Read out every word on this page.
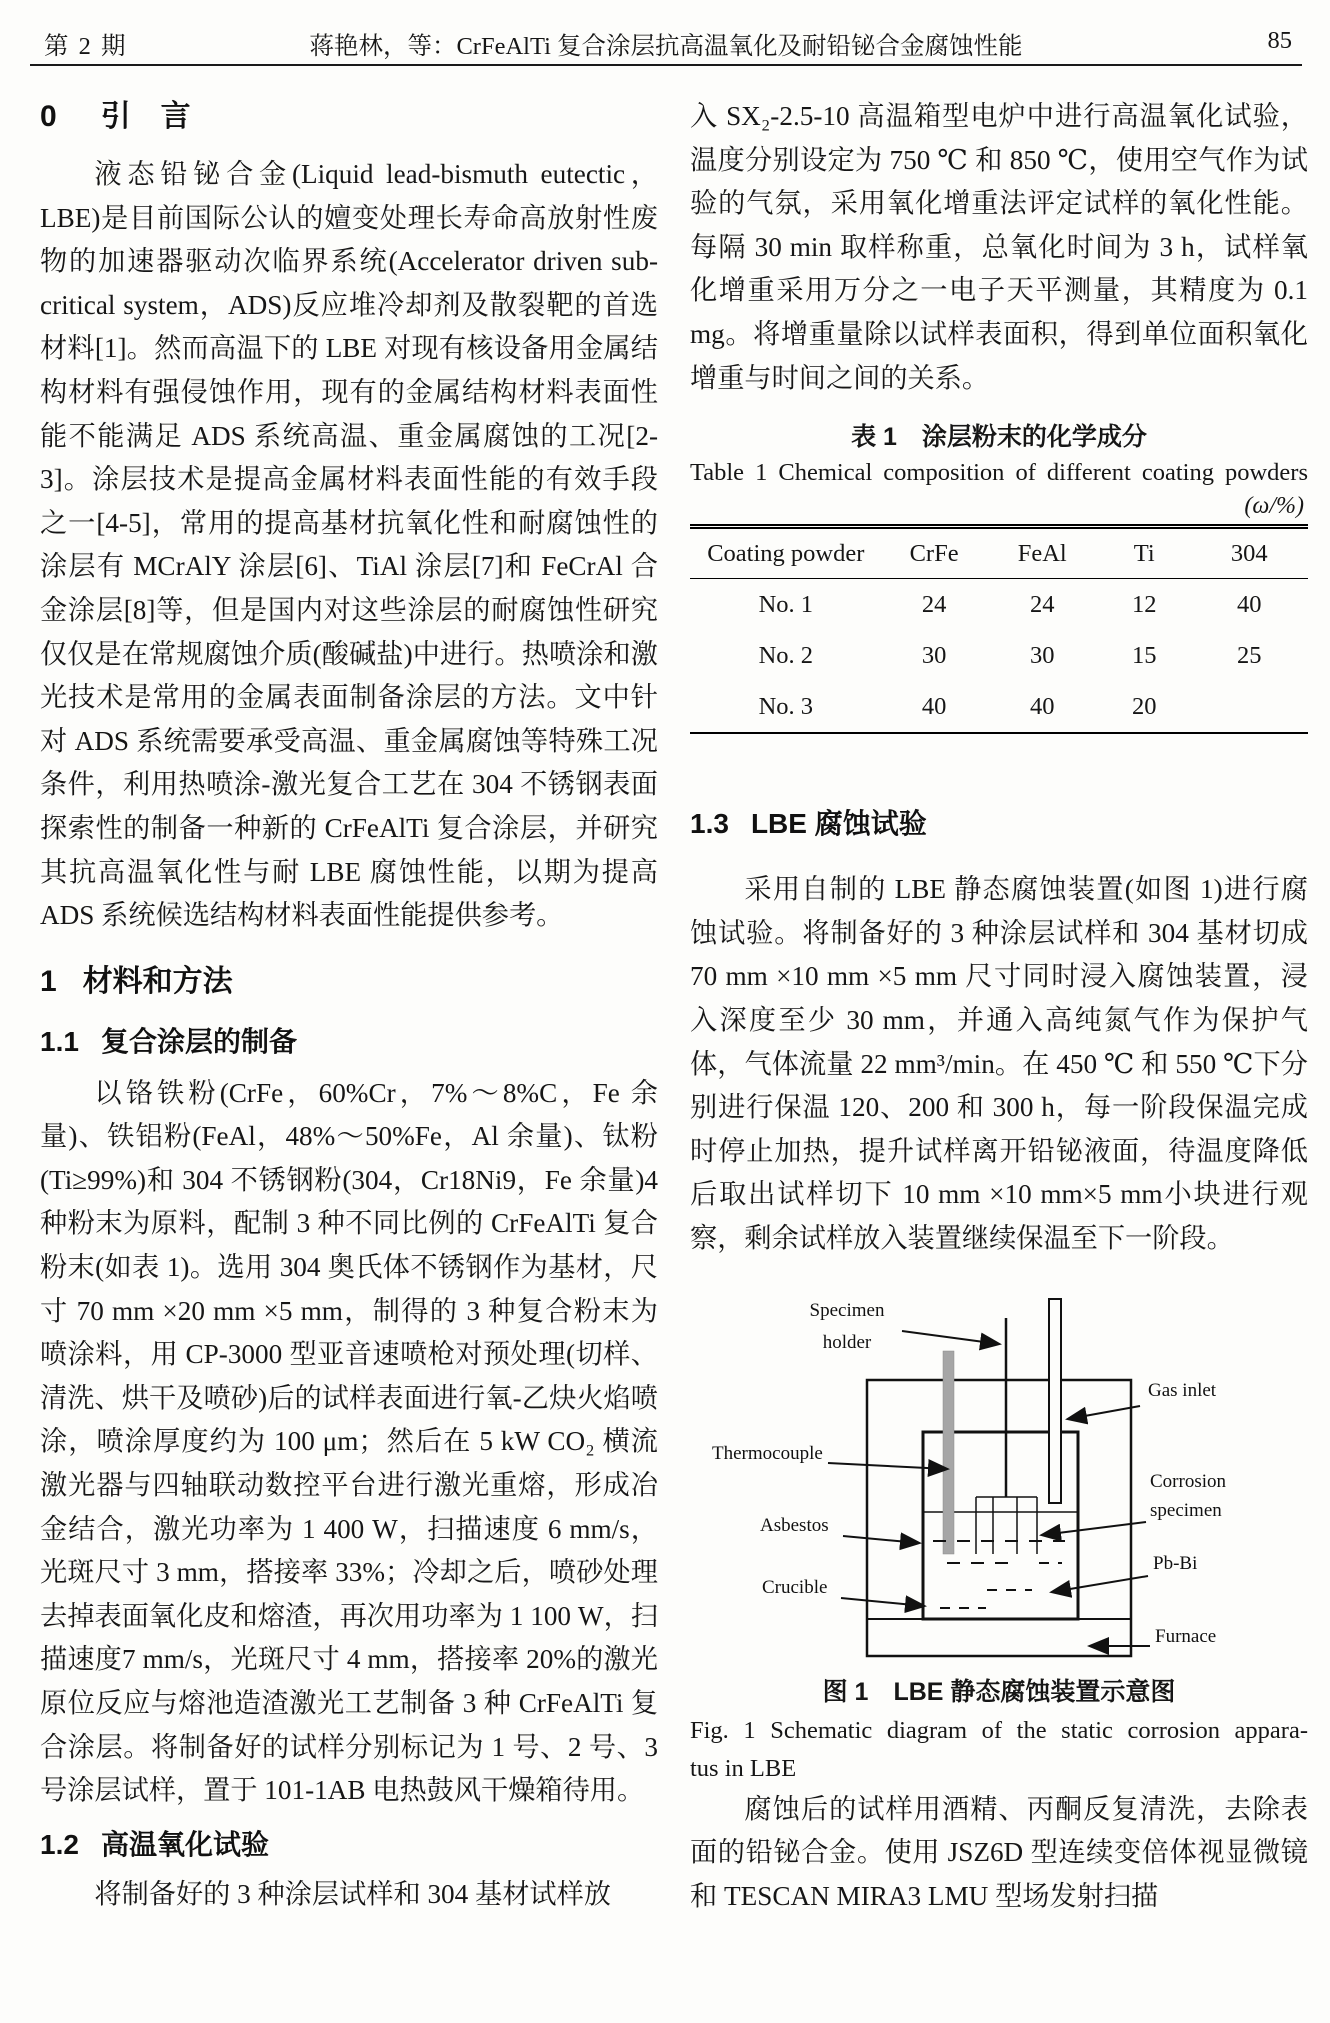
第 2 期	蒋艳林，等：CrFeAlTi 复合涂层抗高温氧化及耐铅铋合金腐蚀性能	85
0 引　言

液态铅铋合金(Liquid lead-bismuth eutectic，LBE)是目前国际公认的嬗变处理长寿命高放射性废物的加速器驱动次临界系统(Accelerator driven sub-critical system，ADS)反应堆冷却剂及散裂靶的首选材料[1]。然而高温下的 LBE 对现有核设备用金属结构材料有强侵蚀作用，现有的金属结构材料表面性能不能满足 ADS 系统高温、重金属腐蚀的工况[2-3]。涂层技术是提高金属材料表面性能的有效手段之一[4-5]，常用的提高基材抗氧化性和耐腐蚀性的涂层有 MCrAlY 涂层[6]、TiAl 涂层[7]和 FeCrAl 合金涂层[8]等，但是国内对这些涂层的耐腐蚀性研究仅仅是在常规腐蚀介质(酸碱盐)中进行。热喷涂和激光技术是常用的金属表面制备涂层的方法。文中针对 ADS 系统需要承受高温、重金属腐蚀等特殊工况条件，利用热喷涂-激光复合工艺在 304 不锈钢表面探索性的制备一种新的 CrFeAlTi 复合涂层，并研究其抗高温氧化性与耐 LBE 腐蚀性能，以期为提高 ADS 系统候选结构材料表面性能提供参考。

1 材料和方法
1.1 复合涂层的制备

以铬铁粉(CrFe，60%Cr，7%～8%C，Fe 余量)、铁铝粉(FeAl，48%～50%Fe，Al 余量)、钛粉(Ti≥99%)和 304 不锈钢粉(304，Cr18Ni9，Fe 余量)4 种粉末为原料，配制 3 种不同比例的 CrFeAlTi 复合粉末(如表 1)。选用 304 奥氏体不锈钢作为基材，尺寸 70 mm ×20 mm ×5 mm，制得的 3 种复合粉末为喷涂料，用 CP-3000 型亚音速喷枪对预处理(切样、清洗、烘干及喷砂)后的试样表面进行氧-乙炔火焰喷涂，喷涂厚度约为 100 μm；然后在 5 kW CO₂ 横流激光器与四轴联动数控平台进行激光重熔，形成冶金结合，激光功率为 1 400 W，扫描速度 6 mm/s，光斑尺寸 3 mm，搭接率 33%；冷却之后，喷砂处理去掉表面氧化皮和熔渣，再次用功率为 1 100 W，扫描速度7 mm/s，光斑尺寸 4 mm，搭接率 20%的激光原位反应与熔池造渣激光工艺制备 3 种 CrFeAlTi 复合涂层。将制备好的试样分别标记为 1 号、2 号、3 号涂层试样，置于 101-1AB 电热鼓风干燥箱待用。

1.2 高温氧化试验

将制备好的 3 种涂层试样和 304 基材试样放

入 SX₂-2.5-10 高温箱型电炉中进行高温氧化试验，温度分别设定为 750 ℃ 和 850 ℃，使用空气作为试验的气氛，采用氧化增重法评定试样的氧化性能。每隔 30 min 取样称重，总氧化时间为 3 h，试样氧化增重采用万分之一电子天平测量，其精度为 0.1 mg。将增重量除以试样表面积，得到单位面积氧化增重与时间之间的关系。

表 1　涂层粉末的化学成分
Table 1 Chemical composition of different coating powders
(ω/%)
Coating powder	CrFe	FeAl	Ti	304
No. 1	24	24	12	40
No. 2	30	30	15	25
No. 3	40	40	20	
1.3 LBE 腐蚀试验

采用自制的 LBE 静态腐蚀装置(如图 1)进行腐蚀试验。将制备好的 3 种涂层试样和 304 基材切成 70 mm ×10 mm ×5 mm 尺寸同时浸入腐蚀装置，浸入深度至少 30 mm，并通入高纯氮气作为保护气体，气体流量 22 mm³/min。在 450 ℃ 和 550 ℃下分别进行保温 120、200 和 300 h，每一阶段保温完成时停止加热，提升试样离开铅铋液面，待温度降低后取出试样切下 10 mm ×10 mm×5 mm小块进行观察，剩余试样放入装置继续保温至下一阶段。

Specimen
holder
Gas inlet
Thermocouple
Corrosion
specimen
Asbestos
Pb-Bi
Crucible
Furnace
图 1　LBE 静态腐蚀装置示意图
Fig. 1 Schematic diagram of the static corrosion appara-
tus in LBE

腐蚀后的试样用酒精、丙酮反复清洗，去除表面的铅铋合金。使用 JSZ6D 型连续变倍体视显微镜和 TESCAN MIRA3 LMU 型场发射扫描
